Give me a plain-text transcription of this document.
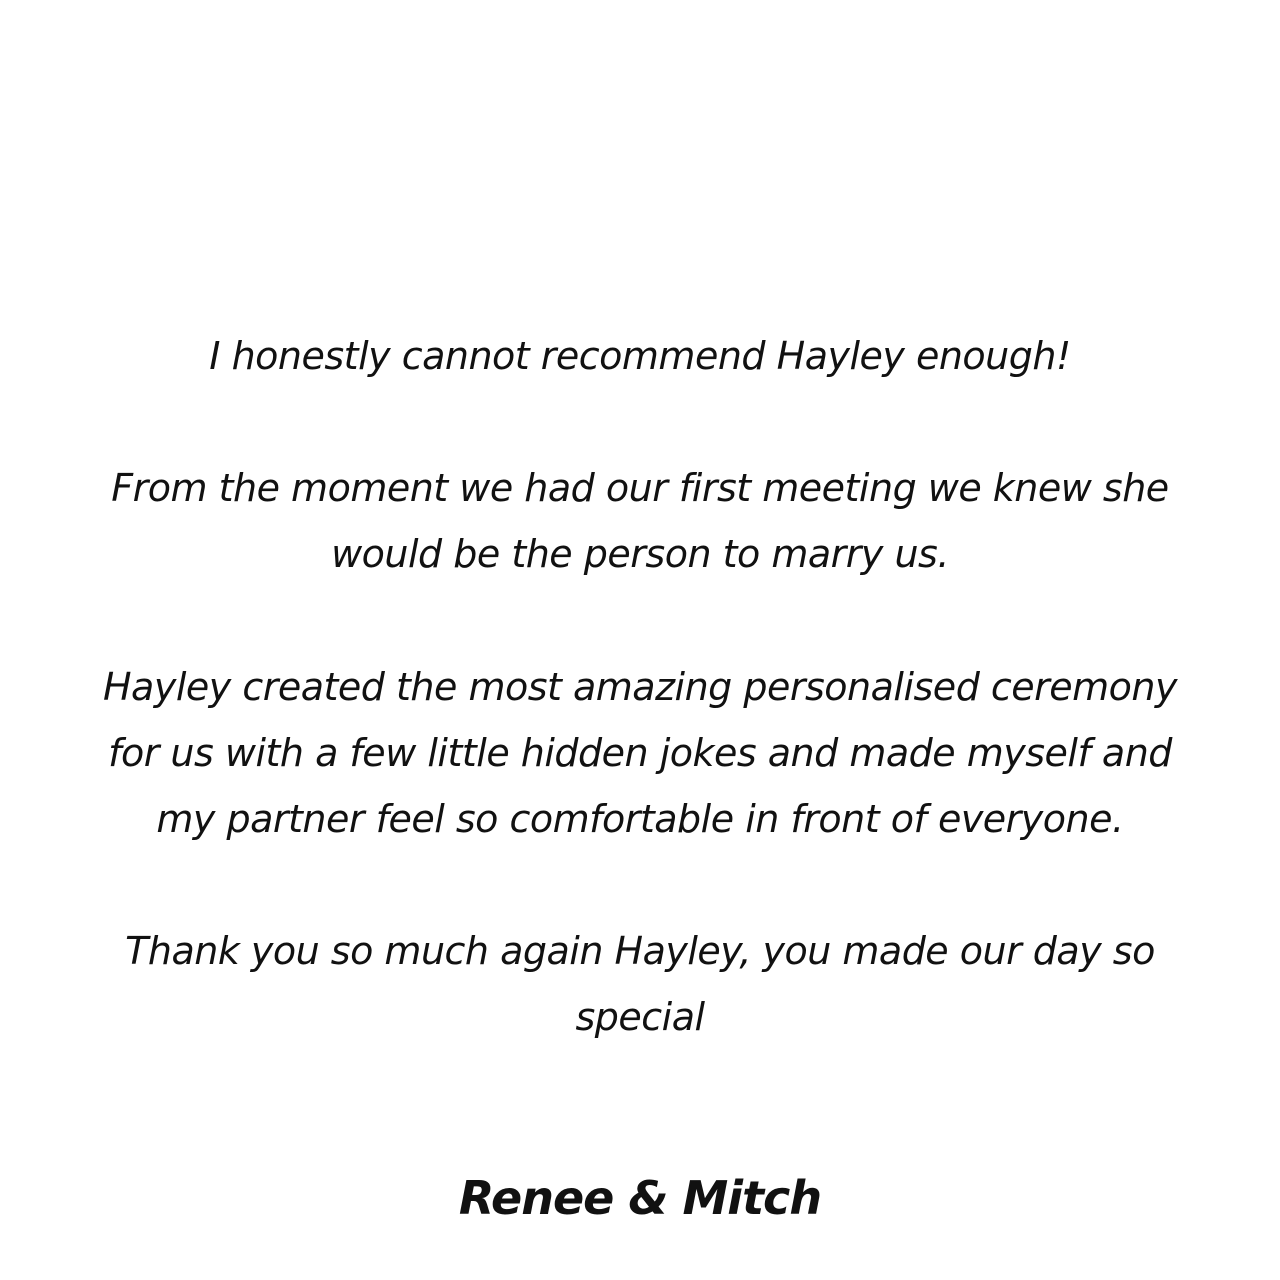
I honestly cannot recommend Hayley enough!

From the moment we had our first meeting we knew she
would be the person to marry us.

Hayley created the most amazing personalised ceremony
for us with a few little hidden jokes and made myself and
my partner feel so comfortable in front of everyone.

Thank you so much again Hayley, you made our day so
special

Renee & Mitch
